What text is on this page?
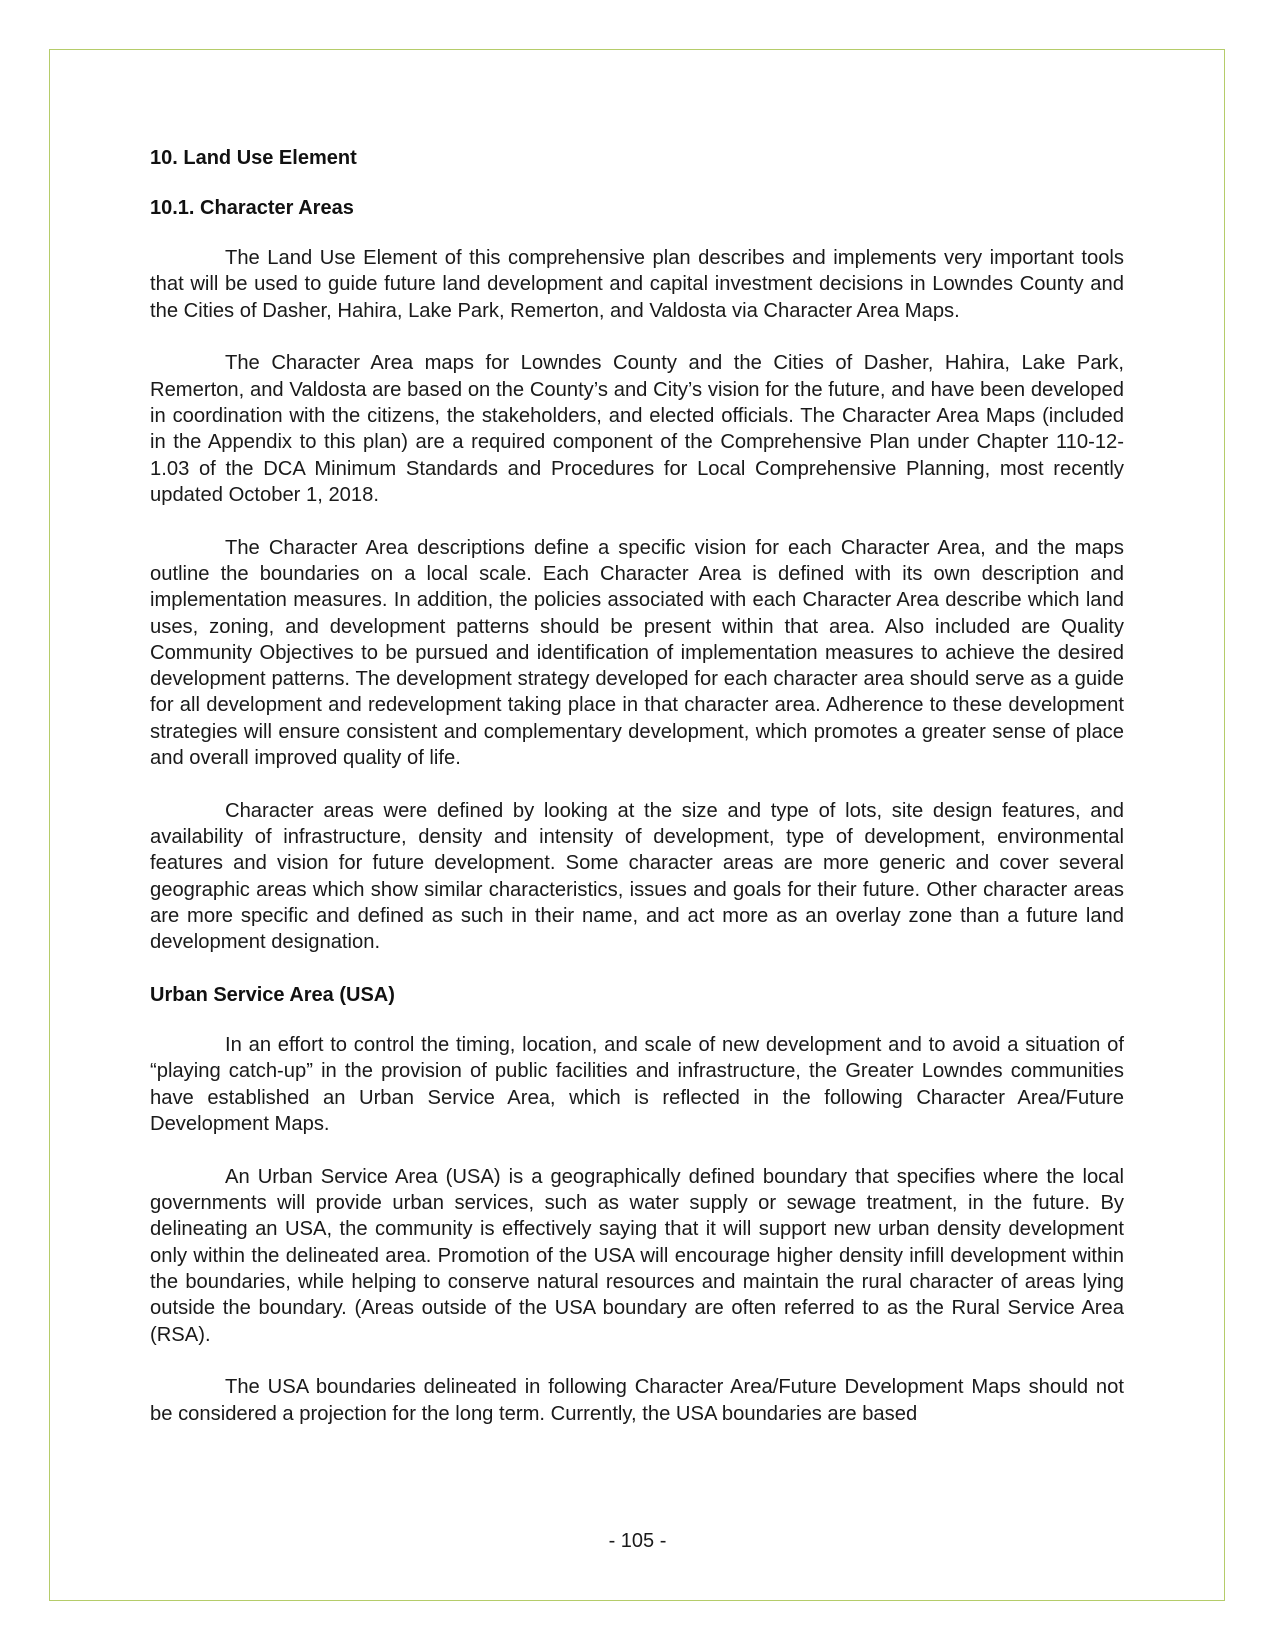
10. Land Use Element
10.1. Character Areas

The Land Use Element of this comprehensive plan describes and implements very important tools that will be used to guide future land development and capital investment decisions in Lowndes County and the Cities of Dasher, Hahira, Lake Park, Remerton, and Valdosta via Character Area Maps.

The Character Area maps for Lowndes County and the Cities of Dasher, Hahira, Lake Park, Remerton, and Valdosta are based on the County’s and City’s vision for the future, and have been developed in coordination with the citizens, the stakeholders, and elected officials. The Character Area Maps (included in the Appendix to this plan) are a required component of the Comprehensive Plan under Chapter 110-12-1.03 of the DCA Minimum Standards and Procedures for Local Comprehensive Planning, most recently updated October 1, 2018.

The Character Area descriptions define a specific vision for each Character Area, and the maps outline the boundaries on a local scale. Each Character Area is defined with its own description and implementation measures. In addition, the policies associated with each Character Area describe which land uses, zoning, and development patterns should be present within that area. Also included are Quality Community Objectives to be pursued and identification of implementation measures to achieve the desired development patterns. The development strategy developed for each character area should serve as a guide for all development and redevelopment taking place in that character area. Adherence to these development strategies will ensure consistent and complementary development, which promotes a greater sense of place and overall improved quality of life.

Character areas were defined by looking at the size and type of lots, site design features, and availability of infrastructure, density and intensity of development, type of development, environmental features and vision for future development. Some character areas are more generic and cover several geographic areas which show similar characteristics, issues and goals for their future. Other character areas are more specific and defined as such in their name, and act more as an overlay zone than a future land development designation.

Urban Service Area (USA)

In an effort to control the timing, location, and scale of new development and to avoid a situation of “playing catch-up” in the provision of public facilities and infrastructure, the Greater Lowndes communities have established an Urban Service Area, which is reflected in the following Character Area/Future Development Maps.

An Urban Service Area (USA) is a geographically defined boundary that specifies where the local governments will provide urban services, such as water supply or sewage treatment, in the future. By delineating an USA, the community is effectively saying that it will support new urban density development only within the delineated area. Promotion of the USA will encourage higher density infill development within the boundaries, while helping to conserve natural resources and maintain the rural character of areas lying outside the boundary. (Areas outside of the USA boundary are often referred to as the Rural Service Area (RSA).

The USA boundaries delineated in following Character Area/Future Development Maps should not be considered a projection for the long term. Currently, the USA boundaries are based

- 105 -
